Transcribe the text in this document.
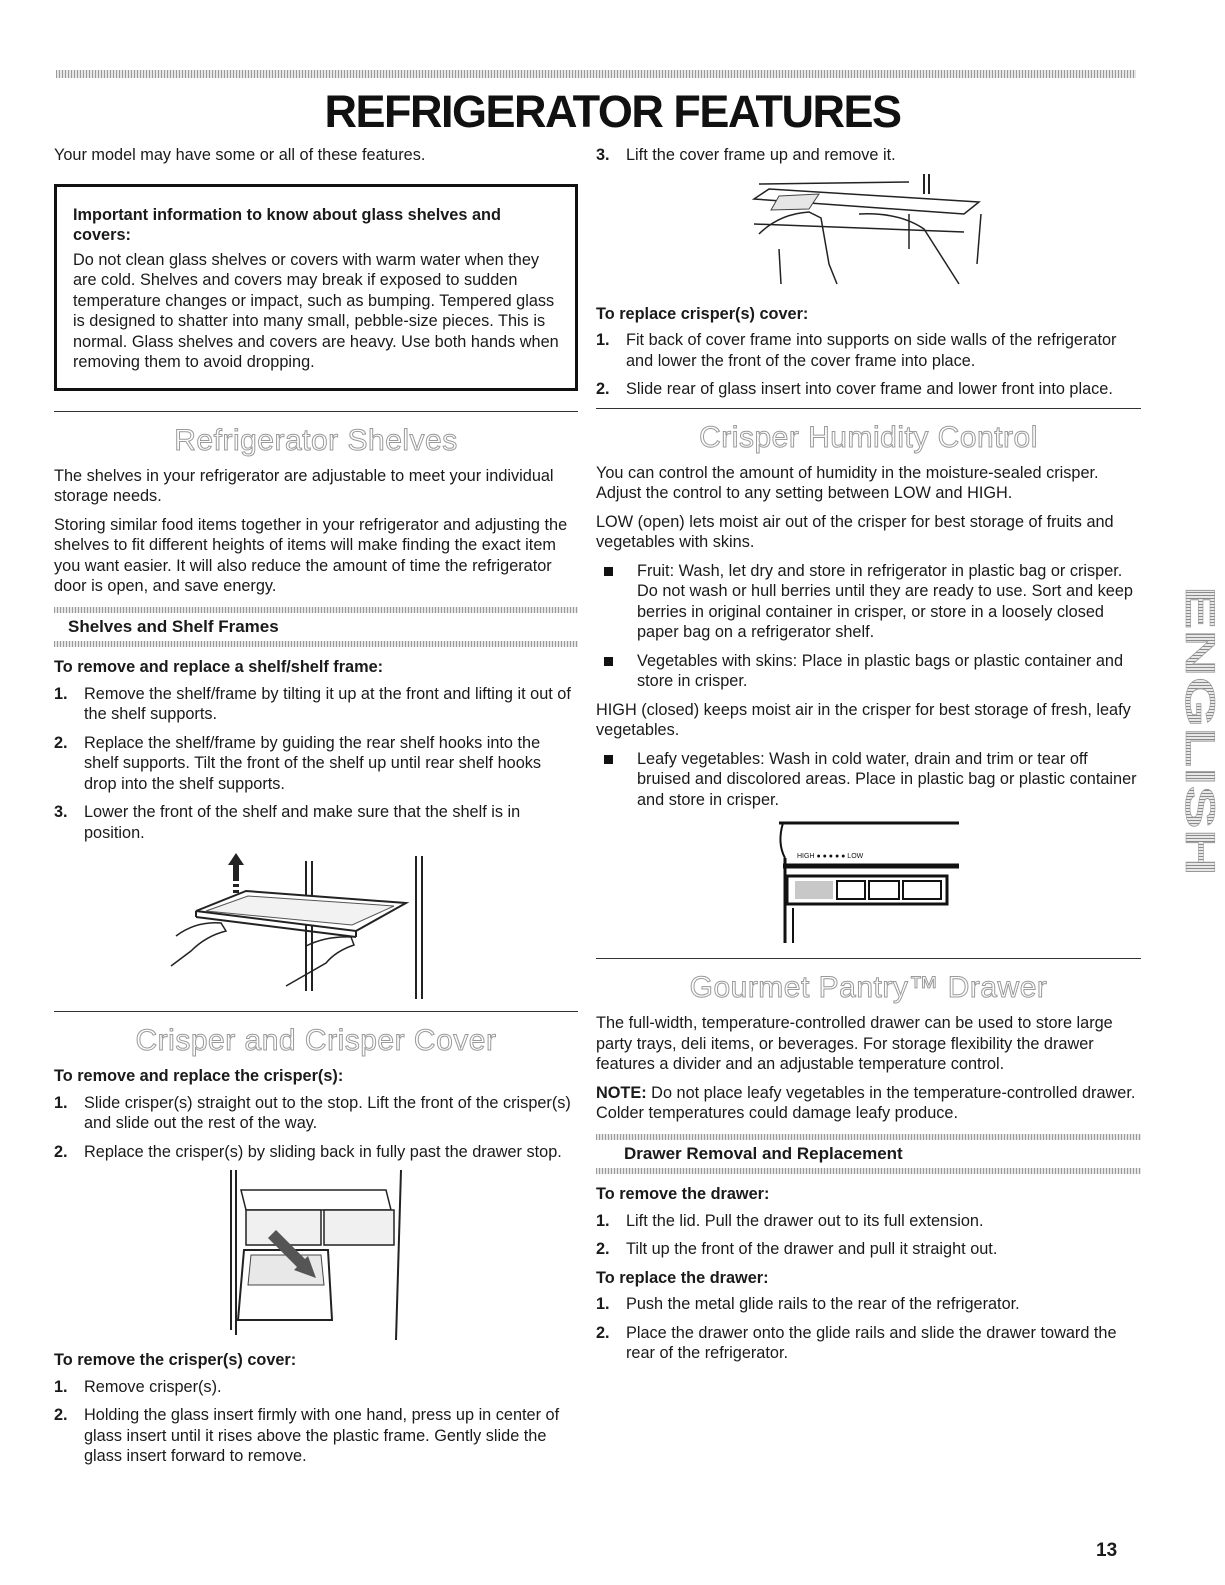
REFRIGERATOR FEATURES

Your model may have some or all of these features.

Important information to know about glass shelves and covers:

Do not clean glass shelves or covers with warm water when they are cold. Shelves and covers may break if exposed to sudden temperature changes or impact, such as bumping. Tempered glass is designed to shatter into many small, pebble-size pieces. This is normal. Glass shelves and covers are heavy. Use both hands when removing them to avoid dropping.

Refrigerator Shelves

The shelves in your refrigerator are adjustable to meet your individual storage needs.

Storing similar food items together in your refrigerator and adjusting the shelves to fit different heights of items will make finding the exact item you want easier. It will also reduce the amount of time the refrigerator door is open, and save energy.

Shelves and Shelf Frames

To remove and replace a shelf/shelf frame:

1.	Remove the shelf/frame by tilting it up at the front and lifting it out of the shelf supports.
2.	Replace the shelf/frame by guiding the rear shelf hooks into the shelf supports. Tilt the front of the shelf up until rear shelf hooks drop into the shelf supports.
3.	Lower the front of the shelf and make sure that the shelf is in position.
Crisper and Crisper Cover

To remove and replace the crisper(s):

1.	Slide crisper(s) straight out to the stop. Lift the front of the crisper(s) and slide out the rest of the way.
2.	Replace the crisper(s) by sliding back in fully past the drawer stop.

To remove the crisper(s) cover:

1.	Remove crisper(s).
2.	Holding the glass insert firmly with one hand, press up in center of glass insert until it rises above the plastic frame. Gently slide the glass insert forward to remove.
3.	Lift the cover frame up and remove it.

To replace crisper(s) cover:

1.	Fit back of cover frame into supports on side walls of the refrigerator and lower the front of the cover frame into place.
2.	Slide rear of glass insert into cover frame and lower front into place.
Crisper Humidity Control

You can control the amount of humidity in the moisture-sealed crisper. Adjust the control to any setting between LOW and HIGH.

LOW (open) lets moist air out of the crisper for best storage of fruits and vegetables with skins.

Fruit: Wash, let dry and store in refrigerator in plastic bag or crisper. Do not wash or hull berries until they are ready to use. Sort and keep berries in original container in crisper, or store in a loosely closed paper bag on a refrigerator shelf.
Vegetables with skins: Place in plastic bags or plastic container and store in crisper.

HIGH (closed) keeps moist air in the crisper for best storage of fresh, leafy vegetables.

Leafy vegetables: Wash in cold water, drain and trim or tear off bruised and discolored areas. Place in plastic bag or plastic container and store in crisper.
HIGH ● ● ● ● ● LOW
Gourmet Pantry™ Drawer

The full-width, temperature-controlled drawer can be used to store large party trays, deli items, or beverages. For storage flexibility the drawer features a divider and an adjustable temperature control.

NOTE: Do not place leafy vegetables in the temperature-controlled drawer. Colder temperatures could damage leafy produce.

Drawer Removal and Replacement

To remove the drawer:

1.	Lift the lid. Pull the drawer out to its full extension.
2.	Tilt up the front of the drawer and pull it straight out.

To replace the drawer:

1.	Push the metal glide rails to the rear of the refrigerator.
2.	Place the drawer onto the glide rails and slide the drawer toward the rear of the refrigerator.
ENGLISH
13
